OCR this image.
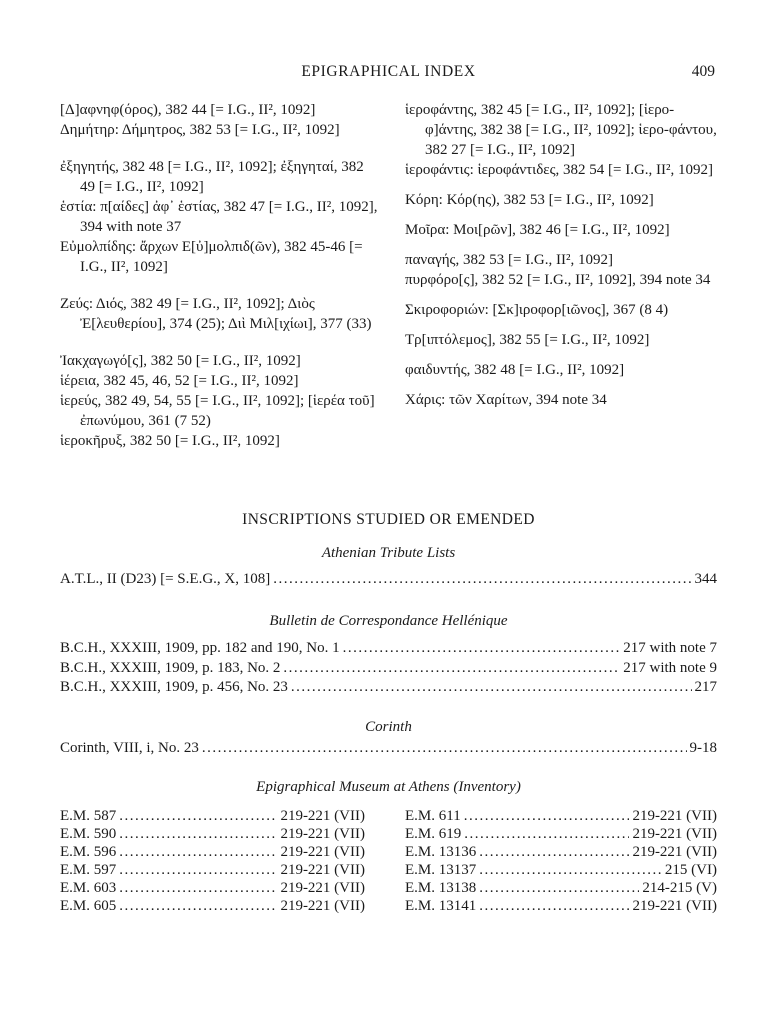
EPIGRAPHICAL INDEX	409
[Δ]αφνηφ(όρος), 382 44 [= I.G., II², 1092]
Δημήτηρ: Δήμητρος, 382 53 [= I.G., II², 1092]
ἐξηγητής, 382 48 [= I.G., II², 1092]; ἐξηγηταί, 382 49 [= I.G., II², 1092]
ἑστία: π[αίδες] ἀφ᾽ ἑστίας, 382 47 [= I.G., II², 1092], 394 with note 37
Εὐμολπίδης: ἄρχων Ε[ὐ]μολπιδ(ῶν), 382 45-46 [= I.G., II², 1092]
Ζεύς: Διός, 382 49 [= I.G., II², 1092]; Διὸς Ἐ[λευθερίου], 374 (25); Διὶ Μιλ[ιχίωι], 377 (33)
Ἰακχαγωγό[ς], 382 50 [= I.G., II², 1092]
ἱέρεια, 382 45, 46, 52 [= I.G., II², 1092]
ἱερεύς, 382 49, 54, 55 [= I.G., II², 1092]; [ἱερέα τοῦ] ἐπωνύμου, 361 (7 52)
ἱεροκῆρυξ, 382 50 [= I.G., II², 1092]
ἱεροφάντης, 382 45 [= I.G., II², 1092]; [ἱερο-φ]άντης, 382 38 [= I.G., II², 1092]; ἱερο-φάντου, 382 27 [= I.G., II², 1092]
ἱεροφάντις: ἱεροφάντιδες, 382 54 [= I.G., II², 1092]
Κόρη: Κόρ(ης), 382 53 [= I.G., II², 1092]
Μοῖρα: Μοι[ρῶν], 382 46 [= I.G., II², 1092]
παναγής, 382 53 [= I.G., II², 1092]
πυρφόρο[ς], 382 52 [= I.G., II², 1092], 394 note 34
Σκιροφοριών: [Σκ]ιροφορ[ιῶνος], 367 (8 4)
Τρ[ιπτόλεμος], 382 55 [= I.G., II², 1092]
φαιδυντής, 382 48 [= I.G., II², 1092]
Χάρις: τῶν Χαρίτων, 394 note 34
INSCRIPTIONS STUDIED OR EMENDED
Athenian Tribute Lists
A.T.L., II (D23) [= S.E.G., X, 108] .....	344
Bulletin de Correspondance Hellénique
B.C.H., XXXIII, 1909, pp. 182 and 190, No. 1 .....	217 with note 7
B.C.H., XXXIII, 1909, p. 183, No. 2 .....	217 with note 9
B.C.H., XXXIII, 1909, p. 456, No. 23 .....	217
Corinth
Corinth, VIII, i, No. 23 .....	9-18
Epigraphical Museum at Athens (Inventory)
E.M. 587 .....	219-221 (VII)
E.M. 590 .....	219-221 (VII)
E.M. 596 .....	219-221 (VII)
E.M. 597 .....	219-221 (VII)
E.M. 603 .....	219-221 (VII)
E.M. 605 .....	219-221 (VII)
E.M. 611 .....	219-221 (VII)
E.M. 619 .....	219-221 (VII)
E.M. 13136 .....	219-221 (VII)
E.M. 13137 .....	215 (VI)
E.M. 13138 .....	214-215 (V)
E.M. 13141 .....	219-221 (VII)
